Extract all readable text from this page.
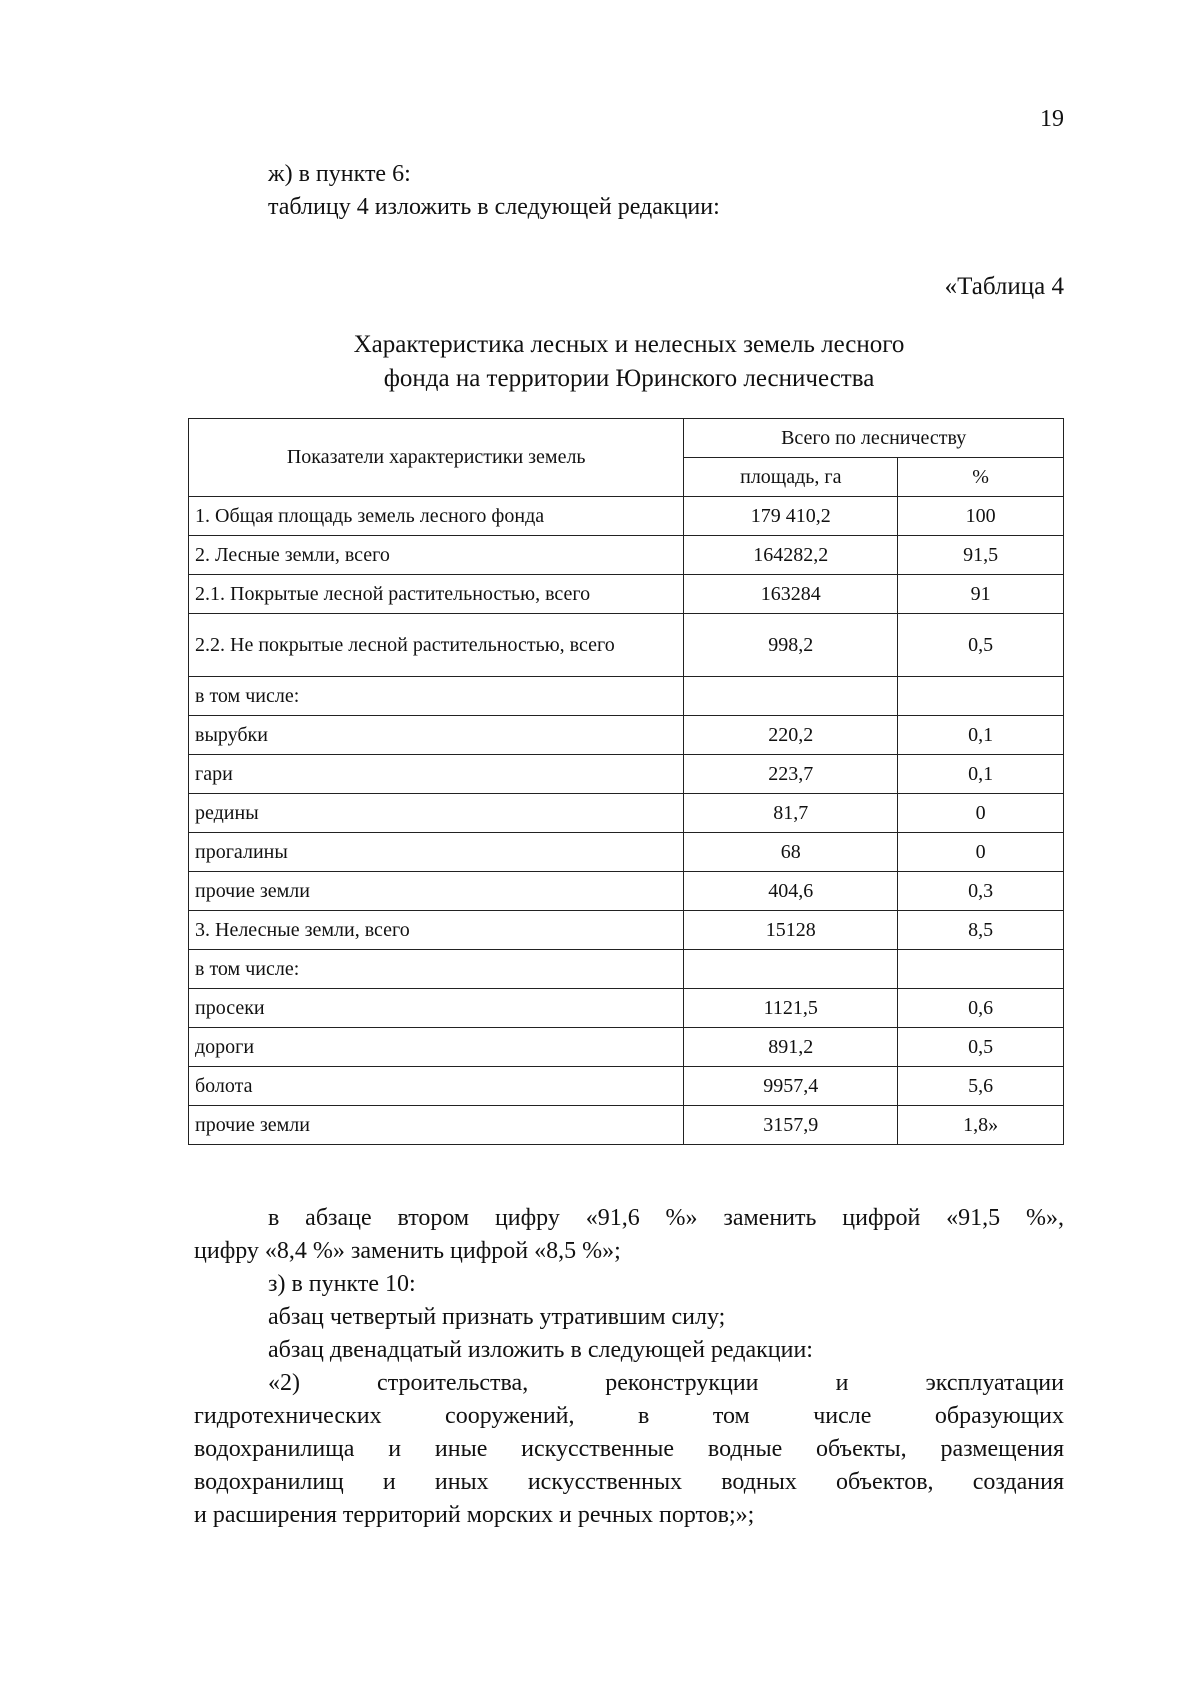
19
ж) в пункте 6:
таблицу 4 изложить в следующей редакции:
«Таблица 4
Характеристика лесных и нелесных земель лесного
фонда на территории Юринского лесничества
Показатели характеристики земель	Всего по лесничеству	
	площадь, га	%
1. Общая площадь земель лесного фонда	179 410,2	100
2. Лесные земли, всего	164282,2	91,5
2.1. Покрытые лесной растительностью, всего	163284	91
2.2. Не покрытые лесной растительностью, всего	998,2	0,5
в том числе:		
вырубки	220,2	0,1
гари	223,7	0,1
редины	81,7	0
прогалины	68	0
прочие земли	404,6	0,3
3. Нелесные земли, всего	15128	8,5
в том числе:		
просеки	1121,5	0,6
дороги	891,2	0,5
болота	9957,4	5,6
прочие земли	3157,9	1,8»
в абзаце втором цифру «91,6 %» заменить цифрой «91,5 %»,
цифру «8,4 %» заменить цифрой «8,5 %»;
з) в пункте 10:
абзац четвертый признать утратившим силу;
абзац двенадцатый изложить в следующей редакции:
«2) строительства, реконструкции и эксплуатации
гидротехнических сооружений, в том числе образующих
водохранилища и иные искусственные водные объекты, размещения
водохранилищ и иных искусственных водных объектов, создания
и расширения территорий морских и речных портов;»;
